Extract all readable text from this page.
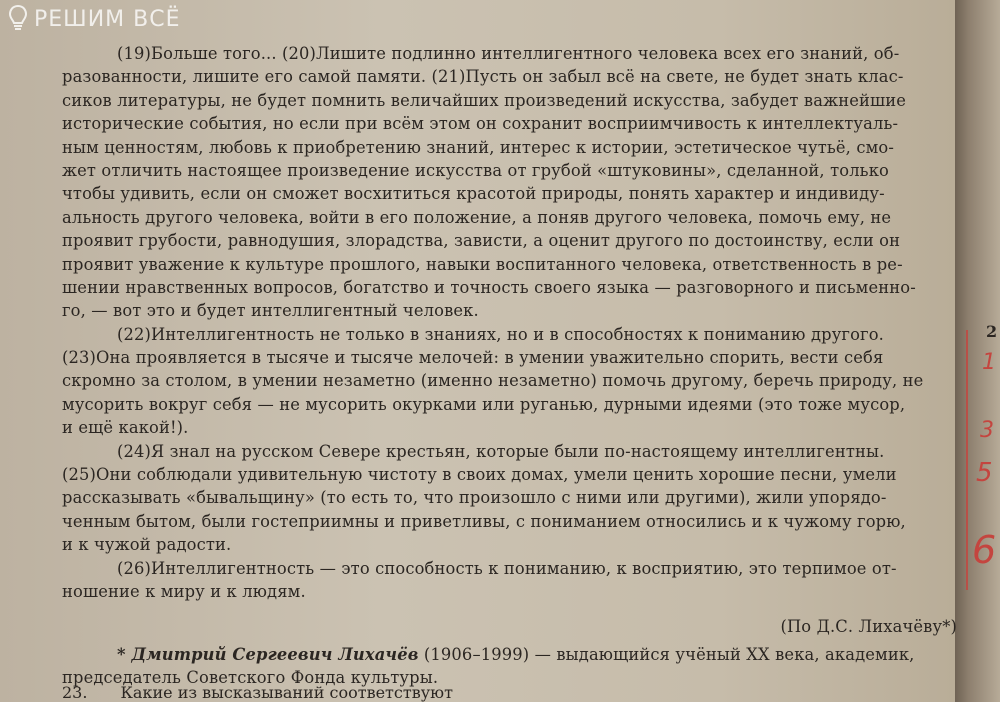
РЕШИМ ВСЁ
(19)Больше того... (20)Лишите подлинно интеллигентного человека всех его знаний, об-
разованности, лишите его самой памяти. (21)Пусть он забыл всё на свете, не будет знать клас-
сиков литературы, не будет помнить величайших произведений искусства, забудет важнейшие
исторические события, но если при всём этом он сохранит восприимчивость к интеллектуаль-
ным ценностям, любовь к приобретению знаний, интерес к истории, эстетическое чутьё, смо-
жет отличить настоящее произведение искусства от грубой «штуковины», сделанной, только
чтобы удивить, если он сможет восхититься красотой природы, понять характер и индивиду-
альность другого человека, войти в его положение, а поняв другого человека, помочь ему, не
проявит грубости, равнодушия, злорадства, зависти, а оценит другого по достоинству, если он
проявит уважение к культуре прошлого, навыки воспитанного человека, ответственность в ре-
шении нравственных вопросов, богатство и точность своего языка — разговорного и письменно-
го, — вот это и будет интеллигентный человек.
(22)Интеллигентность не только в знаниях, но и в способностях к пониманию другого.
(23)Она проявляется в тысяче и тысяче мелочей: в умении уважительно спорить, вести себя
скромно за столом, в умении незаметно (именно незаметно) помочь другому, беречь природу, не
мусорить вокруг себя — не мусорить окурками или руганью, дурными идеями (это тоже мусор,
и ещё какой!).
(24)Я знал на русском Севере крестьян, которые были по-настоящему интеллигентны.
(25)Они соблюдали удивительную чистоту в своих домах, умели ценить хорошие песни, умели
рассказывать «бывальщину» (то есть то, что произошло с ними или другими), жили упорядо-
ченным бытом, были гостеприимны и приветливы, с пониманием относились и к чужому горю,
и к чужой радости.
(26)Интеллигентность — это способность к пониманию, к восприятию, это терпимое от-
ношение к миру и к людям.
(По Д.С. Лихачёву*)
* Дмитрий Сергеевич Лихачёв (1906–1999) — выдающийся учёный XX века, академик,
председатель Советского Фонда культуры.
23. Какие из высказываний соответствуют
2
1
3
5
6
